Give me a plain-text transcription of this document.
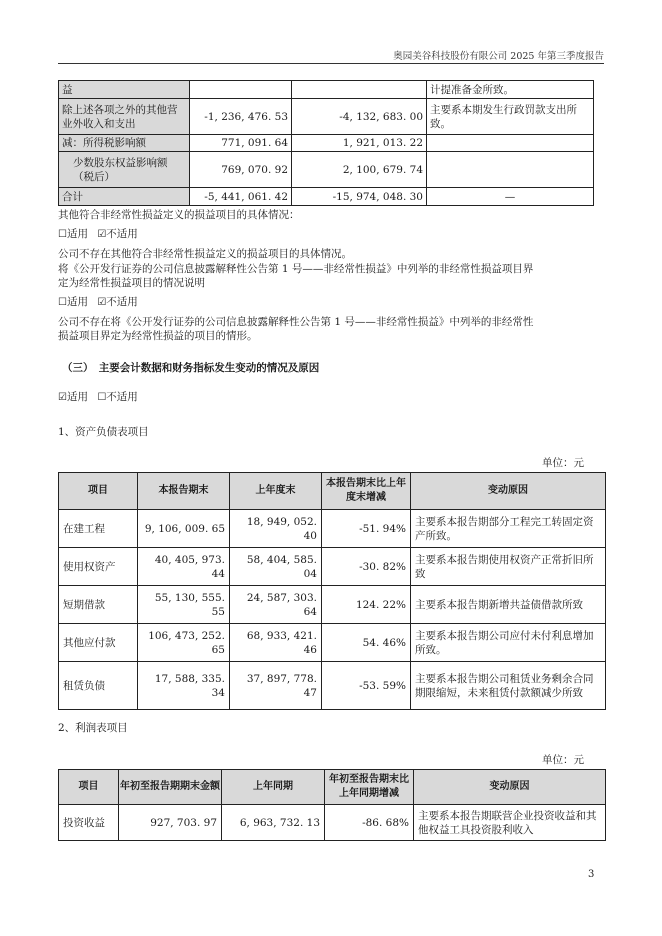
奥园美谷科技股份有限公司 2025 年第三季度报告
益			计提准备金所致。
除上述各项之外的其他营业外收入和支出	-1, 236, 476. 53	-4, 132, 683. 00	主要系本期发生行政罚款支出所致。
减：所得税影响额	771, 091. 64	1, 921, 013. 22	
少数股东权益影响额（税后）	769, 070. 92	2, 100, 679. 74	
合计	-5, 441, 061. 42	-15, 974, 048. 30	—
其他符合非经常性损益定义的损益项目的具体情况：
☐适用 ☑不适用
公司不存在其他符合非经常性损益定义的损益项目的具体情况。
将《公开发行证券的公司信息披露解释性公告第 1 号——非经常性损益》中列举的非经常性损益项目界
定为经常性损益项目的情况说明
☐适用 ☑不适用
公司不存在将《公开发行证券的公司信息披露解释性公告第 1 号——非经常性损益》中列举的非经常性
损益项目界定为经常性损益的项目的情形。
（三）　主要会计数据和财务指标发生变动的情况及原因
☑适用 ☐不适用
1、资产负债表项目
单位：元
项目	本报告期末	上年度末	本报告期末比上年度末增减	变动原因
在建工程	9, 106, 009. 65	18, 949, 052. 40	-51. 94%	主要系本报告期部分工程完工转固定资产所致。
使用权资产	40, 405, 973. 44	58, 404, 585. 04	-30. 82%	主要系本报告期使用权资产正常折旧所致
短期借款	55, 130, 555. 55	24, 587, 303. 64	124. 22%	主要系本报告期新增共益债借款所致
其他应付款	106, 473, 252. 65	68, 933, 421. 46	54. 46%	主要系本报告期公司应付未付利息增加所致。
租赁负债	17, 588, 335. 34	37, 897, 778. 47	-53. 59%	主要系本报告期公司租赁业务剩余合同期限缩短，未来租赁付款额减少所致
2、利润表项目
单位：元
项目	年初至报告期期末金额	上年同期	年初至报告期末比上年同期增减	变动原因
投资收益	927, 703. 97	6, 963, 732. 13	-86. 68%	主要系本报告期联营企业投资收益和其他权益工具投资股利收入
3
